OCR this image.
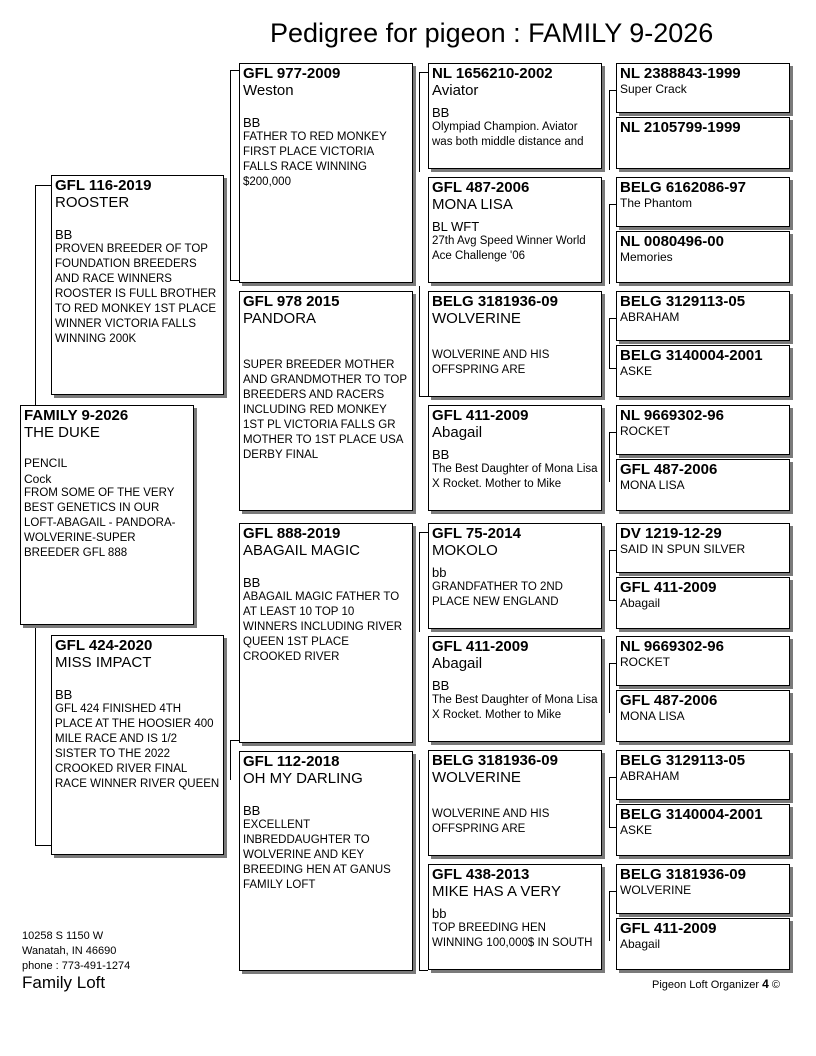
Pedigree for pigeon : FAMILY 9-2026
FAMILY 9-2026
THE DUKE
PENCIL
Cock
FROM SOME OF THE VERY BEST GENETICS IN OUR LOFT-ABAGAIL - PANDORA-WOLVERINE-SUPER BREEDER GFL 888
GFL 116-2019
ROOSTER
BB
PROVEN BREEDER OF TOP FOUNDATION BREEDERS AND RACE WINNERS ROOSTER IS FULL BROTHER TO RED MONKEY 1ST PLACE WINNER VICTORIA FALLS WINNING 200K
GFL 424-2020
MISS IMPACT
BB
GFL 424 FINISHED 4TH PLACE AT THE HOOSIER 400 MILE RACE AND IS 1/2 SISTER TO THE 2022 CROOKED RIVER FINAL RACE WINNER RIVER QUEEN
GFL 977-2009
Weston
BB
FATHER TO RED MONKEY FIRST PLACE VICTORIA FALLS RACE WINNING $200,000
GFL 978 2015
PANDORA
SUPER BREEDER MOTHER AND GRANDMOTHER TO TOP BREEDERS AND RACERS INCLUDING RED MONKEY 1ST PL VICTORIA FALLS GR MOTHER TO 1ST PLACE USA DERBY FINAL
GFL 888-2019
ABAGAIL MAGIC
BB
ABAGAIL MAGIC FATHER TO AT LEAST 10 TOP 10 WINNERS INCLUDING RIVER QUEEN 1ST PLACE CROOKED RIVER
GFL 112-2018
OH MY DARLING
BB
EXCELLENT INBREDDAUGHTER TO WOLVERINE AND KEY BREEDING HEN AT GANUS FAMILY LOFT
NL 1656210-2002
Aviator
BB
Olympiad Champion. Aviator was both middle distance and
GFL 487-2006
MONA LISA
BL WFT
27th Avg Speed Winner World Ace Challenge '06
BELG 3181936-09
WOLVERINE
WOLVERINE AND HIS OFFSPRING ARE
GFL 411-2009
Abagail
BB
The Best Daughter of Mona Lisa X Rocket. Mother to Mike
GFL 75-2014
MOKOLO
bb
GRANDFATHER TO 2ND PLACE NEW ENGLAND
GFL 411-2009
Abagail
BB
The Best Daughter of Mona Lisa X Rocket. Mother to Mike
BELG 3181936-09
WOLVERINE
WOLVERINE AND HIS OFFSPRING ARE
GFL 438-2013
MIKE HAS A VERY
bb
TOP BREEDING HEN WINNING 100,000$ IN SOUTH
NL 2388843-1999
Super Crack
NL 2105799-1999
BELG 6162086-97
The Phantom
NL 0080496-00
Memories
BELG 3129113-05
ABRAHAM
BELG 3140004-2001
ASKE
NL 9669302-96
ROCKET
GFL 487-2006
MONA LISA
DV 1219-12-29
SAID IN SPUN SILVER
GFL 411-2009
Abagail
NL 9669302-96
ROCKET
GFL 487-2006
MONA LISA
BELG 3129113-05
ABRAHAM
BELG 3140004-2001
ASKE
BELG 3181936-09
WOLVERINE
GFL 411-2009
Abagail
10258 S 1150 W
Wanatah, IN 46690
phone : 773-491-1274
Family Loft	Pigeon Loft Organizer 4 ©
